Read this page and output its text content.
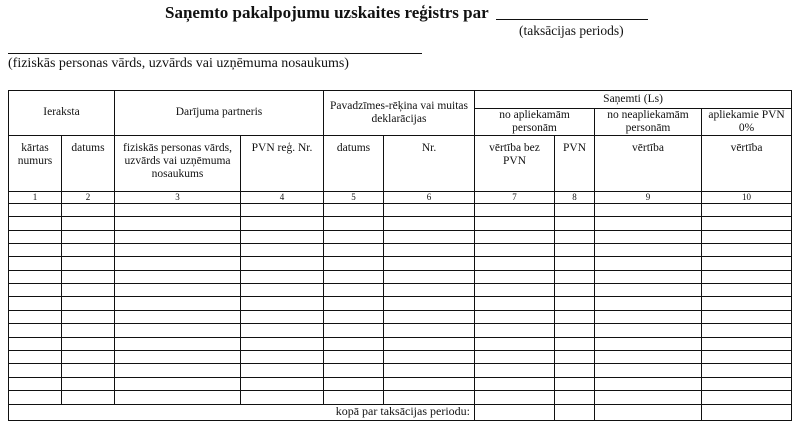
Saņemto pakalpojumu uzskaites reģistrs par
(taksācijas periods)
(fiziskās personas vārds, uzvārds vai uzņēmuma nosaukums)
Ieraksta		Darījuma partneris		Pavadzīmes-rēķina vai muitas deklarācijas		Saņemti (Ls)			
						no apliekamām personām		no neapliekamām personām	apliekamie PVN 0%
kārtas numurs	datums	fiziskās personas vārds, uzvārds vai uzņēmuma nosaukums	PVN reģ. Nr.	datums	Nr.	vērtība bez PVN	PVN	vērtība	vērtība
1	2	3	4	5	6	7	8	9	10

kopā par taksācijas periodu:									
